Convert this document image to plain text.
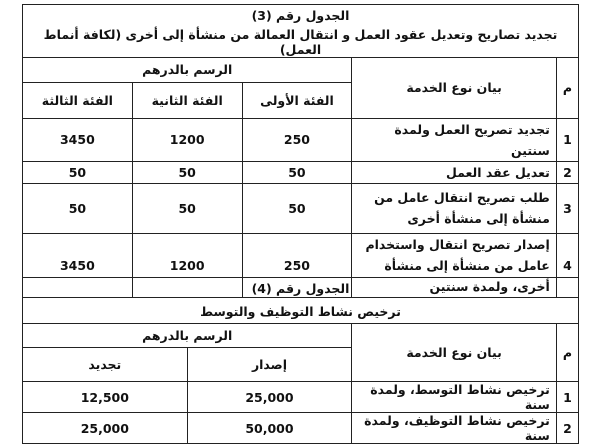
الجدول رقم (3)				
تجديد تصاريح وتعديل عقود العمل و انتقال العمالة من منشأة إلى أخرى (لكافة أنماط العمل)				
م	بيان نوع الخدمة	الرسم بالدرهم		
		الفئة الأولى	الفئة الثانية	الفئة الثالثة
1	تجديد تصريح العمل ولمدة سنتين	250	1200	3450
2	تعديل عقد العمل	50	50	50
3	طلب تصريح انتقال عامل من منشأة إلى منشأة أخرى	50	50	50
4	إصدار تصريح انتقال واستخدام عامل من منشأة إلى منشأة أخرى، ولمدة سنتين	250	1200	3450
الجدول رقم (4)			
ترخيص نشاط التوظيف والتوسط			
م	بيان نوع الخدمة	الرسم بالدرهم	
		إصدار	تجديد
1	ترخيص نشاط التوسط، ولمدة سنة	25,000	12,500
2	ترخيص نشاط التوظيف، ولمدة سنة	50,000	25,000
